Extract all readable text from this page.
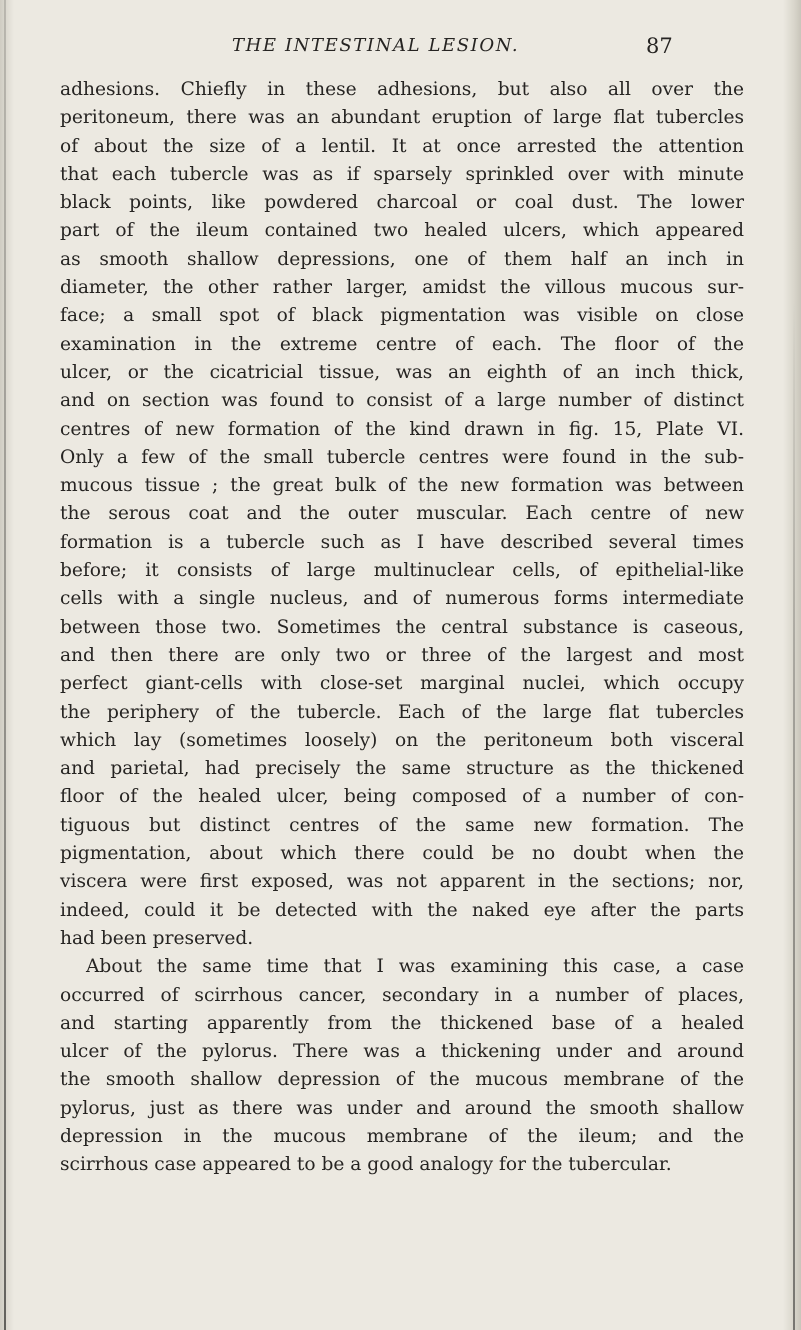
THE INTESTINAL LESION.	87
adhesions. Chiefly in these adhesions, but also all over the
peritoneum, there was an abundant eruption of large flat tubercles
of about the size of a lentil. It at once arrested the attention
that each tubercle was as if sparsely sprinkled over with minute
black points, like powdered charcoal or coal dust. The lower
part of the ileum contained two healed ulcers, which appeared
as smooth shallow depressions, one of them half an inch in
diameter, the other rather larger, amidst the villous mucous sur-
face; a small spot of black pigmentation was visible on close
examination in the extreme centre of each. The floor of the
ulcer, or the cicatricial tissue, was an eighth of an inch thick,
and on section was found to consist of a large number of distinct
centres of new formation of the kind drawn in fig. 15, Plate VI.
Only a few of the small tubercle centres were found in the sub-
mucous tissue ; the great bulk of the new formation was between
the serous coat and the outer muscular. Each centre of new
formation is a tubercle such as I have described several times
before; it consists of large multinuclear cells, of epithelial-like
cells with a single nucleus, and of numerous forms intermediate
between those two. Sometimes the central substance is caseous,
and then there are only two or three of the largest and most
perfect giant-cells with close-set marginal nuclei, which occupy
the periphery of the tubercle. Each of the large flat tubercles
which lay (sometimes loosely) on the peritoneum both visceral
and parietal, had precisely the same structure as the thickened
floor of the healed ulcer, being composed of a number of con-
tiguous but distinct centres of the same new formation. The
pigmentation, about which there could be no doubt when the
viscera were first exposed, was not apparent in the sections; nor,
indeed, could it be detected with the naked eye after the parts
had been preserved.
About the same time that I was examining this case, a case
occurred of scirrhous cancer, secondary in a number of places,
and starting apparently from the thickened base of a healed
ulcer of the pylorus. There was a thickening under and around
the smooth shallow depression of the mucous membrane of the
pylorus, just as there was under and around the smooth shallow
depression in the mucous membrane of the ileum; and the
scirrhous case appeared to be a good analogy for the tubercular.
